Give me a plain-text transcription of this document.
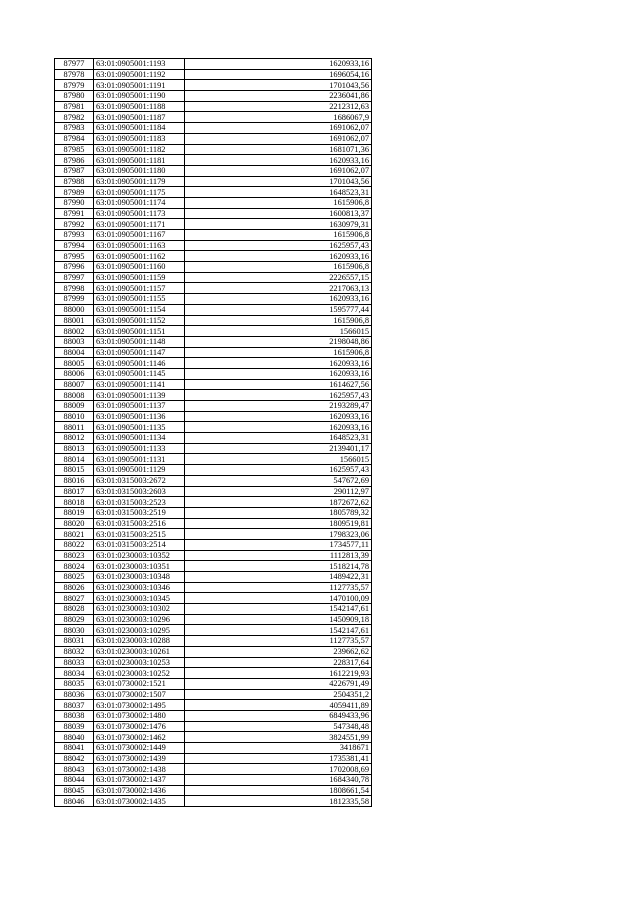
87977	63:01:0905001:1193	1620933,16
87978	63:01:0905001:1192	1696054,16
87979	63:01:0905001:1191	1701043,56
87980	63:01:0905001:1190	2236041,86
87981	63:01:0905001:1188	2212312,63
87982	63:01:0905001:1187	1686067,9
87983	63:01:0905001:1184	1691062,07
87984	63:01:0905001:1183	1691062,07
87985	63:01:0905001:1182	1681071,36
87986	63:01:0905001:1181	1620933,16
87987	63:01:0905001:1180	1691062,07
87988	63:01:0905001:1179	1701043,56
87989	63:01:0905001:1175	1648523,31
87990	63:01:0905001:1174	1615906,8
87991	63:01:0905001:1173	1600813,37
87992	63:01:0905001:1171	1630979,31
87993	63:01:0905001:1167	1615906,8
87994	63:01:0905001:1163	1625957,43
87995	63:01:0905001:1162	1620933,16
87996	63:01:0905001:1160	1615906,8
87997	63:01:0905001:1159	2226557,15
87998	63:01:0905001:1157	2217063,13
87999	63:01:0905001:1155	1620933,16
88000	63:01:0905001:1154	1595777,44
88001	63:01:0905001:1152	1615906,8
88002	63:01:0905001:1151	1566015
88003	63:01:0905001:1148	2198048,86
88004	63:01:0905001:1147	1615906,8
88005	63:01:0905001:1146	1620933,16
88006	63:01:0905001:1145	1620933,16
88007	63:01:0905001:1141	1614627,56
88008	63:01:0905001:1139	1625957,43
88009	63:01:0905001:1137	2193289,47
88010	63:01:0905001:1136	1620933,16
88011	63:01:0905001:1135	1620933,16
88012	63:01:0905001:1134	1648523,31
88013	63:01:0905001:1133	2139401,17
88014	63:01:0905001:1131	1566015
88015	63:01:0905001:1129	1625957,43
88016	63:01:0315003:2672	547672,69
88017	63:01:0315003:2603	290112,97
88018	63:01:0315003:2523	1872672,62
88019	63:01:0315003:2519	1805789,32
88020	63:01:0315003:2516	1809519,81
88021	63:01:0315003:2515	1798323,06
88022	63:01:0315003:2514	1734577,11
88023	63:01:0230003:10352	1112813,39
88024	63:01:0230003:10351	1518214,78
88025	63:01:0230003:10348	1489422,31
88026	63:01:0230003:10346	1127735,57
88027	63:01:0230003:10345	1470100,09
88028	63:01:0230003:10302	1542147,61
88029	63:01:0230003:10296	1450909,18
88030	63:01:0230003:10295	1542147,61
88031	63:01:0230003:10288	1127735,57
88032	63:01:0230003:10261	239662,62
88033	63:01:0230003:10253	228317,64
88034	63:01:0230003:10252	1612219,93
88035	63:01:0730002:1521	4226791,49
88036	63:01:0730002:1507	2504351,2
88037	63:01:0730002:1495	4059411,89
88038	63:01:0730002:1480	6849433,96
88039	63:01:0730002:1476	547348,48
88040	63:01:0730002:1462	3824551,99
88041	63:01:0730002:1449	3418671
88042	63:01:0730002:1439	1735381,41
88043	63:01:0730002:1438	1702008,69
88044	63:01:0730002:1437	1684340,78
88045	63:01:0730002:1436	1808661,54
88046	63:01:0730002:1435	1812335,58
